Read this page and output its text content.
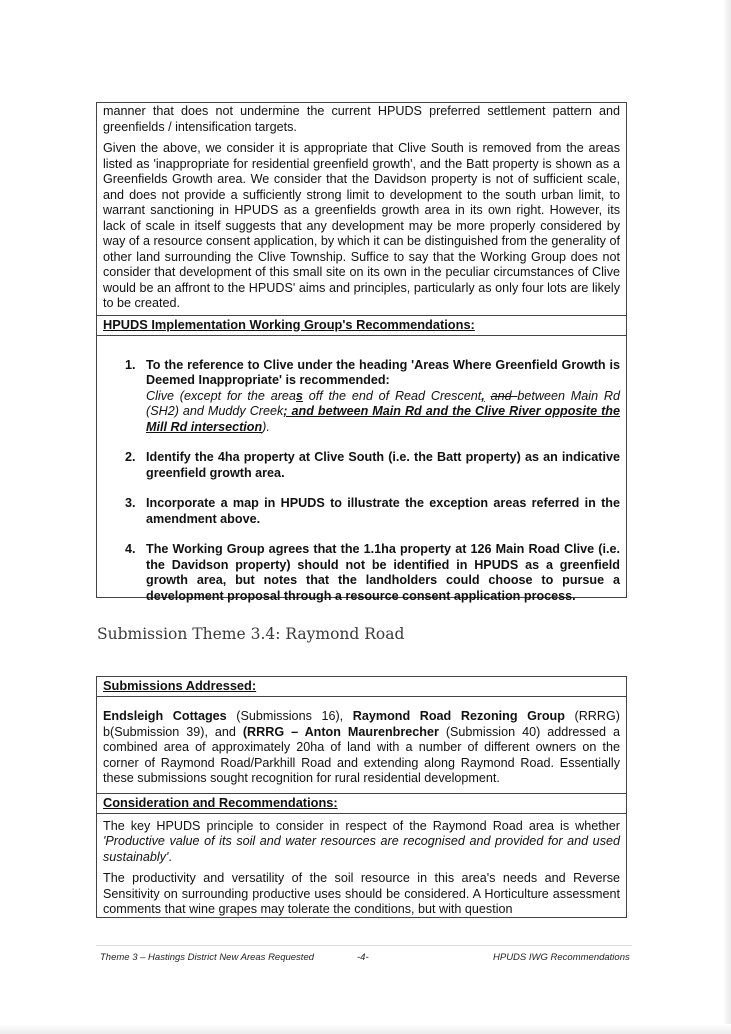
manner that does not undermine the current HPUDS preferred settlement pattern and greenfields / intensification targets.

Given the above, we consider it is appropriate that Clive South is removed from the areas listed as 'inappropriate for residential greenfield growth', and the Batt property is shown as a Greenfields Growth area. We consider that the Davidson property is not of sufficient scale, and does not provide a sufficiently strong limit to development to the south urban limit, to warrant sanctioning in HPUDS as a greenfields growth area in its own right. However, its lack of scale in itself suggests that any development may be more properly considered by way of a resource consent application, by which it can be distinguished from the generality of other land surrounding the Clive Township. Suffice to say that the Working Group does not consider that development of this small site on its own in the peculiar circumstances of Clive would be an affront to the HPUDS' aims and principles, particularly as only four lots are likely to be created.

HPUDS Implementation Working Group's Recommendations:
1. To the reference to Clive under the heading 'Areas Where Greenfield Growth is Deemed Inappropriate' is recommended:
Clive (except for the areas off the end of Read Crescent, and between Main Rd (SH2) and Muddy Creek; and between Main Rd and the Clive River opposite the Mill Rd intersection).
2. Identify the 4ha property at Clive South (i.e. the Batt property) as an indicative greenfield growth area.
3. Incorporate a map in HPUDS to illustrate the exception areas referred in the amendment above.
4. The Working Group agrees that the 1.1ha property at 126 Main Road Clive (i.e. the Davidson property) should not be identified in HPUDS as a greenfield growth area, but notes that the landholders could choose to pursue a development proposal through a resource consent application process.
Submission Theme 3.4: Raymond Road
Submissions Addressed:

Endsleigh Cottages (Submissions 16), Raymond Road Rezoning Group (RRRG) b(Submission 39), and (RRRG – Anton Maurenbrecher (Submission 40) addressed a combined area of approximately 20ha of land with a number of different owners on the corner of Raymond Road/Parkhill Road and extending along Raymond Road. Essentially these submissions sought recognition for rural residential development.

Consideration and Recommendations:

The key HPUDS principle to consider in respect of the Raymond Road area is whether 'Productive value of its soil and water resources are recognised and provided for and used sustainably'.

The productivity and versatility of the soil resource in this area's needs and Reverse Sensitivity on surrounding productive uses should be considered. A Horticulture assessment comments that wine grapes may tolerate the conditions, but with question

Theme 3 – Hastings District New Areas Requested	-4-	HPUDS IWG Recommendations
